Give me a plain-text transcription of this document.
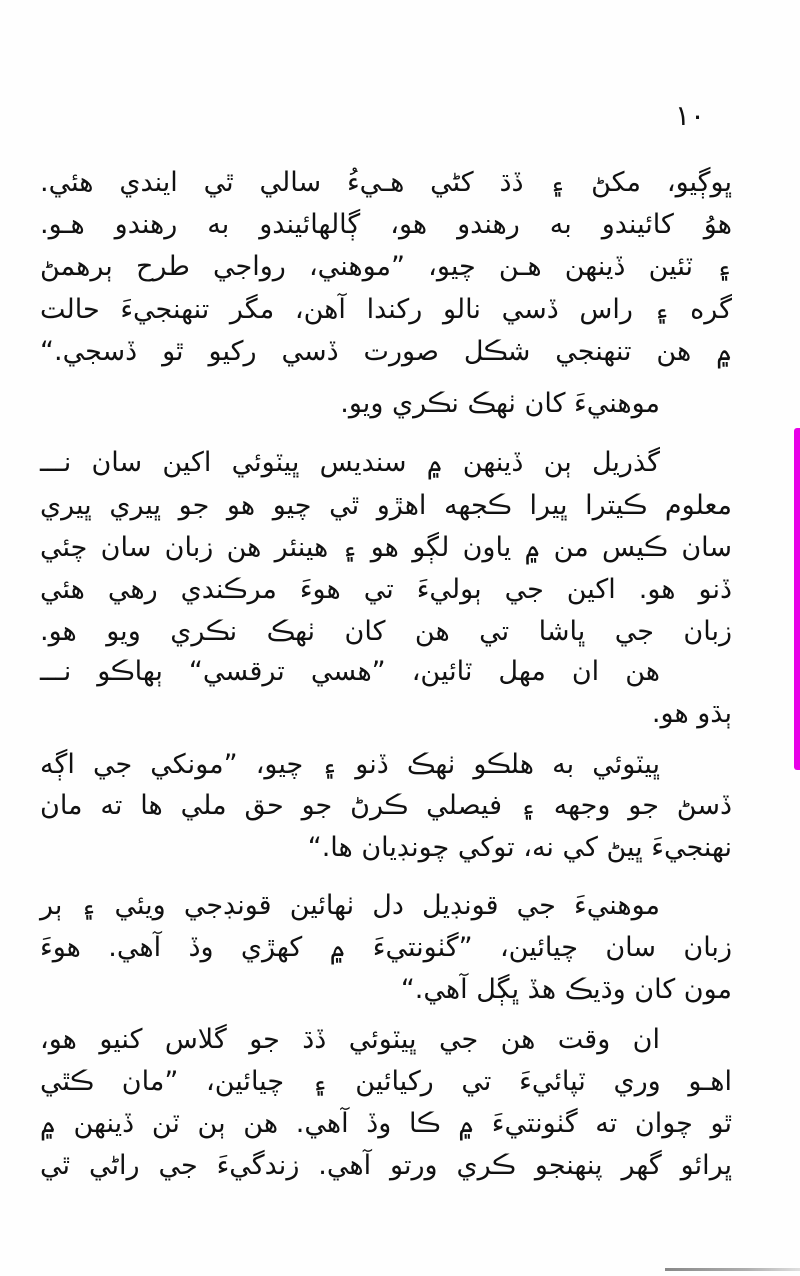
١٠
ڀوڳيو، مکڻ ۽ ڏڌ کڻي هـيءُ سالي ٿي ايندي هئي.
هوُ کائيندو به رهندو هو، ڳالهائيندو به رهندو هـو.
۽ ٽئين ڏينهن هـن چيو، ”موهني، رواجي طرح ٻرهمڻ
گره ۽ راس ڏسي نالو رکندا آهن، مگر تنهنجيءَ حالت
۾ هن تنهنجي شڪل صورت ڏسي رکيو ٿو ڏسجي.“
موهنيءَ کان ٺهڪ نڪري ويو.
گذريل ٻن ڏينهن ۾ سنديس ڀيٽوئي اکين سان نـــ
معلوم ڪيترا ڀيرا ڪجهه اهڙو ٿي چيو هو جو ڀيري ڀيري
سان ڪيس من ۾ ياون لڳو هو ۽ هينئر هن زبان سان چئي
ڏنو هو. اکين جي ٻوليءَ تي هوءَ مرڪندي رهي هئي
زبان جي ڀاشا تي هن کان ٺهڪ نڪري ويو هو.
هن ان مهل ٽائين، ”هسي ترقسي“ ٻهاڪو نـــ
ٻڌو هو.
ڀيٽوئي به هلڪو ٺهڪ ڏنو ۽ چيو، ”مونکي جي اڳه
ڏسڻ جو وجهه ۽ فيصلي ڪرڻ جو حق ملي ها ته مان
نهنجيءَ ڀيڻ کي نه، توکي چونڊيان ها.“
موهنيءَ جي قونڊيل دل ٺهائين قونڊجي ويئي ۽ ٻر
زبان سان چيائين، ”گٺونتيءَ ۾ کهڙي وڏ آهي. هوءَ
مون کان وڌيڪ هڏ ڀڳل آهي.“
ان وقت هن جي ڀيٽوئي ڏڌ جو گلاس کنيو هو،
اهـو وري ٽپائيءَ تي رکيائين ۽ چيائين، ”مان ڪٿي
ٿو چوان ته گٺونتيءَ ۾ ڪا وڏ آهي. هن ٻن ٽن ڏينهن ۾
ڀرائو گهر پنهنجو ڪري ورتو آهي. زندگيءَ جي راڻي ٿي
